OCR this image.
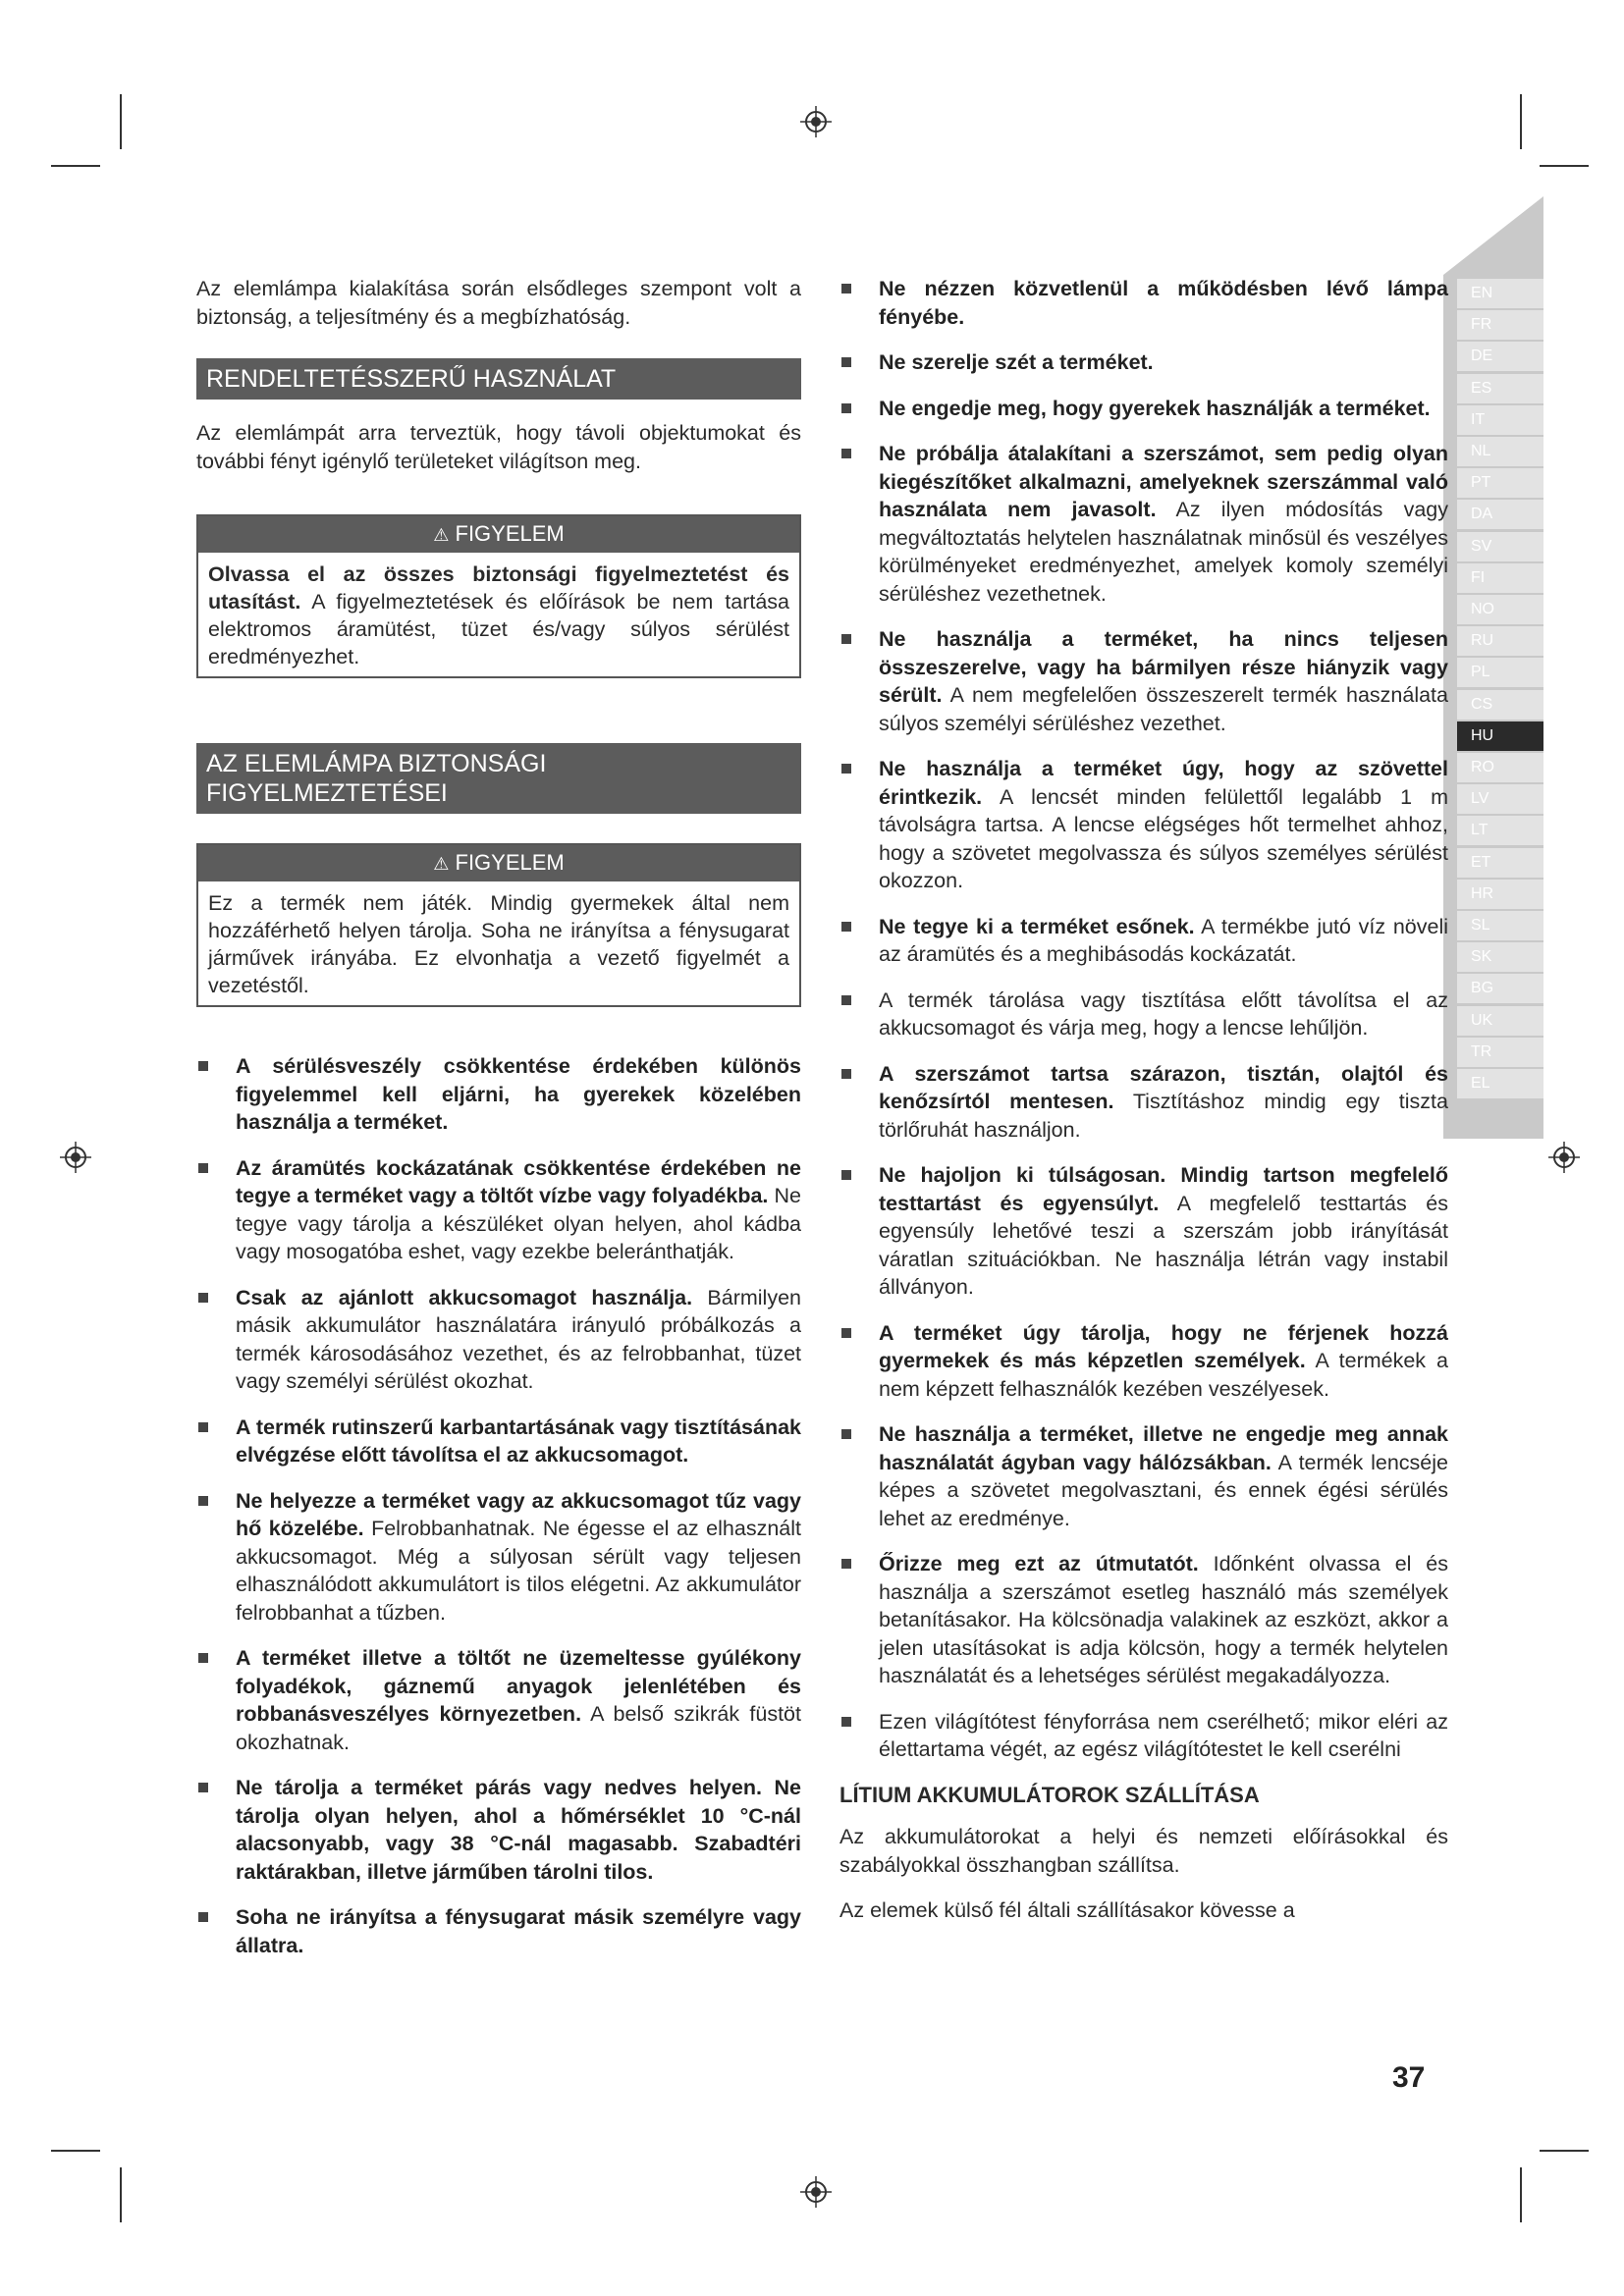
EN
FR
DE
ES
IT
NL
PT
DA
SV
FI
NO
RU
PL
CS
HU
RO
LV
LT
ET
HR
SL
SK
BG
UK
TR
EL

Az elemlámpa kialakítása során elsődleges szempont volt a biztonság, a teljesítmény és a megbízhatóság.

RENDELTETÉSSZERŰ HASZNÁLAT

Az elemlámpát arra terveztük, hogy távoli objektumokat és további fényt igénylő területeket világítson meg.

⚠ FIGYELEM
Olvassa el az összes biztonsági figyelmeztetést és utasítást. A figyelmeztetések és előírások be nem tartása elektromos áramütést, tüzet és/vagy súlyos sérülést eredményezhet.
AZ ELEMLÁMPA BIZTONSÁGI FIGYELMEZTETÉSEI
⚠ FIGYELEM
Ez a termék nem játék. Mindig gyermekek által nem hozzáférhető helyen tárolja. Soha ne irányítsa a fénysugarat járművek irányába. Ez elvonhatja a vezető figyelmét a vezetéstől.
A sérülésveszély csökkentése érdekében különös figyelemmel kell eljárni, ha gyerekek közelében használja a terméket.
Az áramütés kockázatának csökkentése érdekében ne tegye a terméket vagy a töltőt vízbe vagy folyadékba. Ne tegye vagy tárolja a készüléket olyan helyen, ahol kádba vagy mosogatóba eshet, vagy ezekbe beleránthatják.
Csak az ajánlott akkucsomagot használja. Bármilyen másik akkumulátor használatára irányuló próbálkozás a termék károsodásához vezethet, és az felrobbanhat, tüzet vagy személyi sérülést okozhat.
A termék rutinszerű karbantartásának vagy tisztításának elvégzése előtt távolítsa el az akkucsomagot.
Ne helyezze a terméket vagy az akkucsomagot tűz vagy hő közelébe. Felrobbanhatnak. Ne égesse el az elhasznált akkucsomagot. Még a súlyosan sérült vagy teljesen elhasználódott akkumulátort is tilos elégetni. Az akkumulátor felrobbanhat a tűzben.
A terméket illetve a töltőt ne üzemeltesse gyúlékony folyadékok, gáznemű anyagok jelenlétében és robbanásveszélyes környezetben. A belső szikrák füstöt okozhatnak.
Ne tárolja a terméket párás vagy nedves helyen. Ne tárolja olyan helyen, ahol a hőmérséklet 10 °C-nál alacsonyabb, vagy 38 °C-nál magasabb. Szabadtéri raktárakban, illetve járműben tárolni tilos.
Soha ne irányítsa a fénysugarat másik személyre vagy állatra.
Ne nézzen közvetlenül a működésben lévő lámpa fényébe.
Ne szerelje szét a terméket.
Ne engedje meg, hogy gyerekek használják a terméket.
Ne próbálja átalakítani a szerszámot, sem pedig olyan kiegészítőket alkalmazni, amelyeknek szerszámmal való használata nem javasolt. Az ilyen módosítás vagy megváltoztatás helytelen használatnak minősül és veszélyes körülményeket eredményezhet, amelyek komoly személyi sérüléshez vezethetnek.
Ne használja a terméket, ha nincs teljesen összeszerelve, vagy ha bármilyen része hiányzik vagy sérült. A nem megfelelően összeszerelt termék használata súlyos személyi sérüléshez vezethet.
Ne használja a terméket úgy, hogy az szövettel érintkezik. A lencsét minden felülettől legalább 1 m távolságra tartsa. A lencse elégséges hőt termelhet ahhoz, hogy a szövetet megolvassza és súlyos személyes sérülést okozzon.
Ne tegye ki a terméket esőnek. A termékbe jutó víz növeli az áramütés és a meghibásodás kockázatát.
A termék tárolása vagy tisztítása előtt távolítsa el az akkucsomagot és várja meg, hogy a lencse lehűljön.
A szerszámot tartsa szárazon, tisztán, olajtól és kenőzsírtól mentesen. Tisztításhoz mindig egy tiszta törlőruhát használjon.
Ne hajoljon ki túlságosan. Mindig tartson megfelelő testtartást és egyensúlyt. A megfelelő testtartás és egyensúly lehetővé teszi a szerszám jobb irányítását váratlan szituációkban. Ne használja létrán vagy instabil állványon.
A terméket úgy tárolja, hogy ne férjenek hozzá gyermekek és más képzetlen személyek. A termékek a nem képzett felhasználók kezében veszélyesek.
Ne használja a terméket, illetve ne engedje meg annak használatát ágyban vagy hálózsákban. A termék lencséje képes a szövetet megolvasztani, és ennek égési sérülés lehet az eredménye.
Őrizze meg ezt az útmutatót. Időnként olvassa el és használja a szerszámot esetleg használó más személyek betanításakor. Ha kölcsönadja valakinek az eszközt, akkor a jelen utasításokat is adja kölcsön, hogy a termék helytelen használatát és a lehetséges sérülést megakadályozza.
Ezen világítótest fényforrása nem cserélhető; mikor eléri az élettartama végét, az egész világítótestet le kell cserélni
LÍTIUM AKKUMULÁTOROK SZÁLLÍTÁSA

Az akkumulátorokat a helyi és nemzeti előírásokkal és szabályokkal összhangban szállítsa.

Az elemek külső fél általi szállításakor kövesse a

37
